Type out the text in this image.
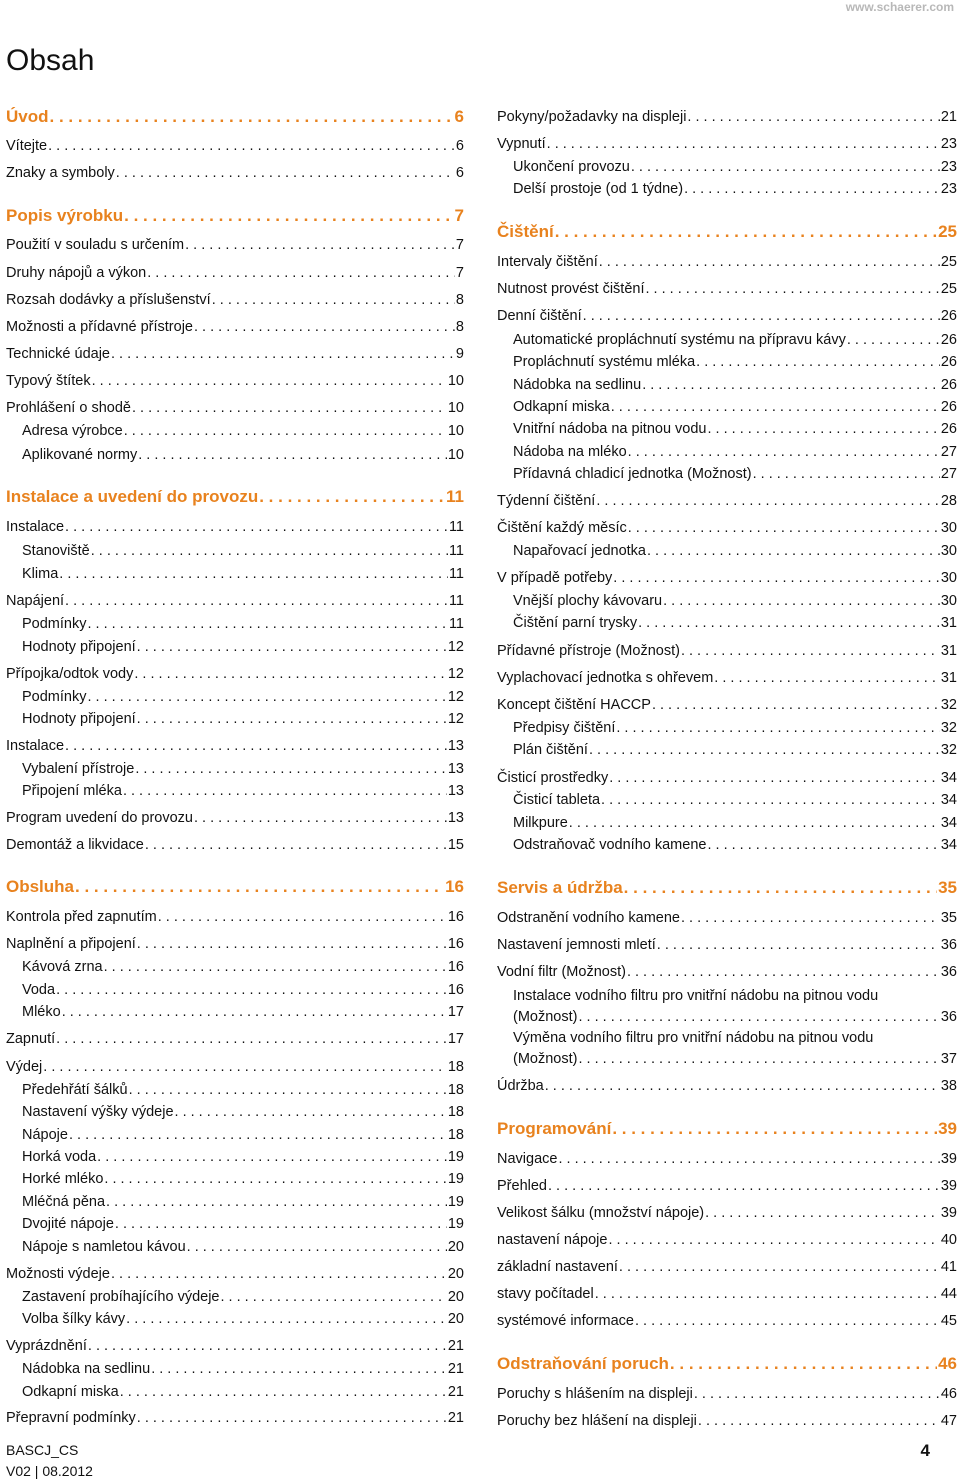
www.schaerer.com
Obsah
Úvod . . .	6
Vítejte . . .	6
Znaky a symboly . . .	6
Popis výrobku . . .	7
Použití v souladu s určením . . .	7
Druhy nápojů a výkon . . .	7
Rozsah dodávky a příslušenství . . .	8
Možnosti a přídavné přístroje . . .	8
Technické údaje . . .	9
Typový štítek . . .	10
Prohlášení o shodě . . .	10
Adresa výrobce . . .	10
Aplikované normy . . .	10
Instalace a uvedení do provozu . . .	11
Instalace . . .	11
Stanoviště . . .	11
Klima . . .	11
Napájení . . .	11
Podmínky . . .	11
Hodnoty připojení . . .	12
Přípojka/odtok vody . . .	12
Podmínky . . .	12
Hodnoty připojení . . .	12
Instalace . . .	13
Vybalení přístroje . . .	13
Připojení mléka . . .	13
Program uvedení do provozu . . .	13
Demontáž a likvidace . . .	15
Obsluha . . .	16
Kontrola před zapnutím . . .	16
Naplnění a připojení . . .	16
Kávová zrna . . .	16
Voda . . .	16
Mléko . . .	17
Zapnutí . . .	17
Výdej . . .	18
Předehřátí šálků . . .	18
Nastavení výšky výdeje . . .	18
Nápoje . . .	18
Horká voda . . .	19
Horké mléko . . .	19
Mléčná pěna . . .	19
Dvojité nápoje . . .	19
Nápoje s namletou kávou . . .	20
Možnosti výdeje . . .	20
Zastavení probíhajícího výdeje . . .	20
Volba šílky kávy . . .	20
Vyprázdnění . . .	21
Nádobka na sedlinu . . .	21
Odkapní miska . . .	21
Přepravní podmínky . . .	21
Pokyny/požadavky na displeji . . .	21
Vypnutí . . .	23
Ukončení provozu . . .	23
Delší prostoje (od 1 týdne) . . .	23
Čištění . . .	25
Intervaly čištění . . .	25
Nutnost provést čištění . . .	25
Denní čištění . . .	26
Automatické propláchnutí systému na přípravu kávy . . .	26
Propláchnutí systému mléka . . .	26
Nádobka na sedlinu . . .	26
Odkapní miska . . .	26
Vnitřní nádoba na pitnou vodu . . .	26
Nádoba na mléko . . .	27
Přídavná chladicí jednotka (Možnost) . . .	27
Týdenní čištění . . .	28
Čištění každý měsíc . . .	30
Napařovací jednotka . . .	30
V případě potřeby . . .	30
Vnější plochy kávovaru . . .	30
Čištění parní trysky . . .	31
Přídavné přístroje (Možnost) . . .	31
Vyplachovací jednotka s ohřevem . . .	31
Koncept čištění HACCP . . .	32
Předpisy čištění . . .	32
Plán čištění . . .	32
Čisticí prostředky . . .	34
Čisticí tableta . . .	34
Milkpure . . .	34
Odstraňovač vodního kamene . . .	34
Servis a údržba . . .	35
Odstranění vodního kamene . . .	35
Nastavení jemnosti mletí . . .	36
Vodní filtr (Možnost) . . .	36
Instalace vodního filtru pro vnitřní nádobu na pitnou vodu
(Možnost) . . .	36
Výměna vodního filtru pro vnitřní nádobu na pitnou vodu
(Možnost) . . .	37
Údržba . . .	38
Programování . . .	39
Navigace . . .	39
Přehled . . .	39
Velikost šálku (množství nápoje) . . .	39
nastavení nápoje . . .	40
základní nastavení . . .	41
stavy počítadel . . .	44
systémové informace . . .	45
Odstraňování poruch . . .	46
Poruchy s hlášením na displeji . . .	46
Poruchy bez hlášení na displeji . . .	47
BASCJ_CS
V02 | 08.2012
4
